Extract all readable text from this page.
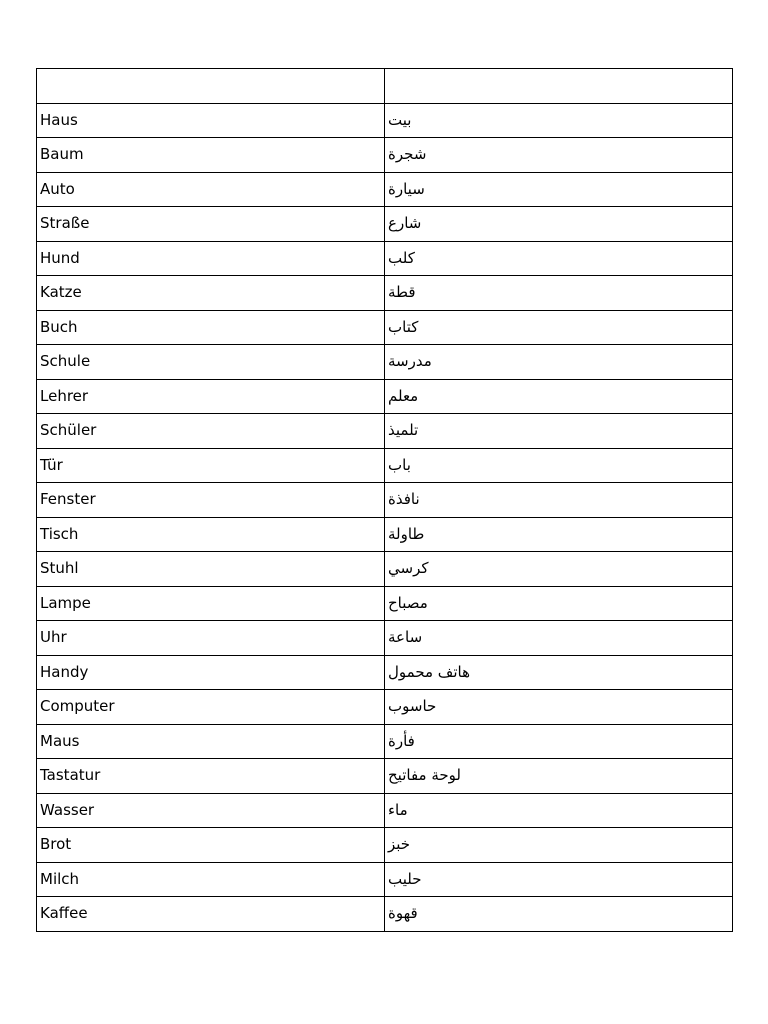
Haus	بيت
Baum	شجرة
Auto	سيارة
Straße	شارع
Hund	كلب
Katze	قطة
Buch	كتاب
Schule	مدرسة
Lehrer	معلم
Schüler	تلميذ
Tür	باب
Fenster	نافذة
Tisch	طاولة
Stuhl	كرسي
Lampe	مصباح
Uhr	ساعة
Handy	هاتف محمول
Computer	حاسوب
Maus	فأرة
Tastatur	لوحة مفاتيح
Wasser	ماء
Brot	خبز
Milch	حليب
Kaffee	قهوة
